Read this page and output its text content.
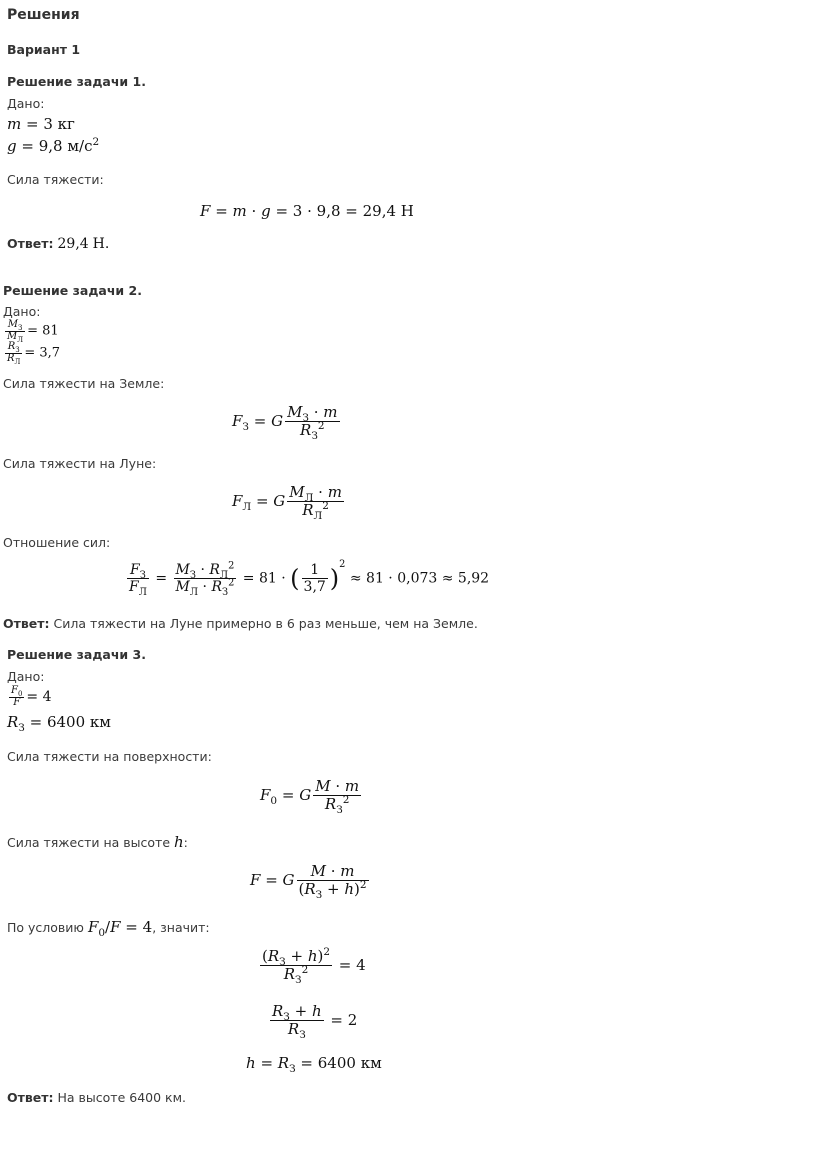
Решения
Вариант 1
Решение задачи 1.
Дано:
m = 3 кг
g = 9,8 $м/с^2$
Сила тяжести:
F = m · g = 3 · 9,8 = 29,4 Н
Ответ: 29,4 Н.
Решение задачи 2.
Дано:
$\frac{M_З}{M_Л} = 81$
$\frac{R_З}{R_Л} = 3,7$
Сила тяжести на Земле:
$F_З = G \frac{M_З \cdot m}{R_З^2}$
Сила тяжести на Луне:
$F_Л = G \frac{M_Л \cdot m}{R_Л^2}$
Отношение сил:
$\frac{F_З}{F_Л} = \frac{M_З \cdot R_Л^2}{M_Л \cdot R_З^2} = 81$ · ( $\frac{1}{3,7} )^2 \approx 81 \cdot 0,073 \approx 5,92$
Ответ: Сила тяжести на Луне примерно в 6 раз меньше, чем на Земле.
Решение задачи 3.
Дано:
$\frac{F_0}{F} = 4$
$R_З = 6400$ км
Сила тяжести на поверхности:
$F_0 = G \frac{M \cdot m}{R_З^2}$
Сила тяжести на высоте h:
F = G $\frac{M \cdot m}{(R_З + h)^2}$
По условию $F_0/F = 4$, значит:
$\frac{(R_З + h)^2}{R_З^2} = 4$
$\frac{R_З + h}{R_З} = 2$
$h = R_З = 6400$ км
Ответ: На высоте 6400 км.
